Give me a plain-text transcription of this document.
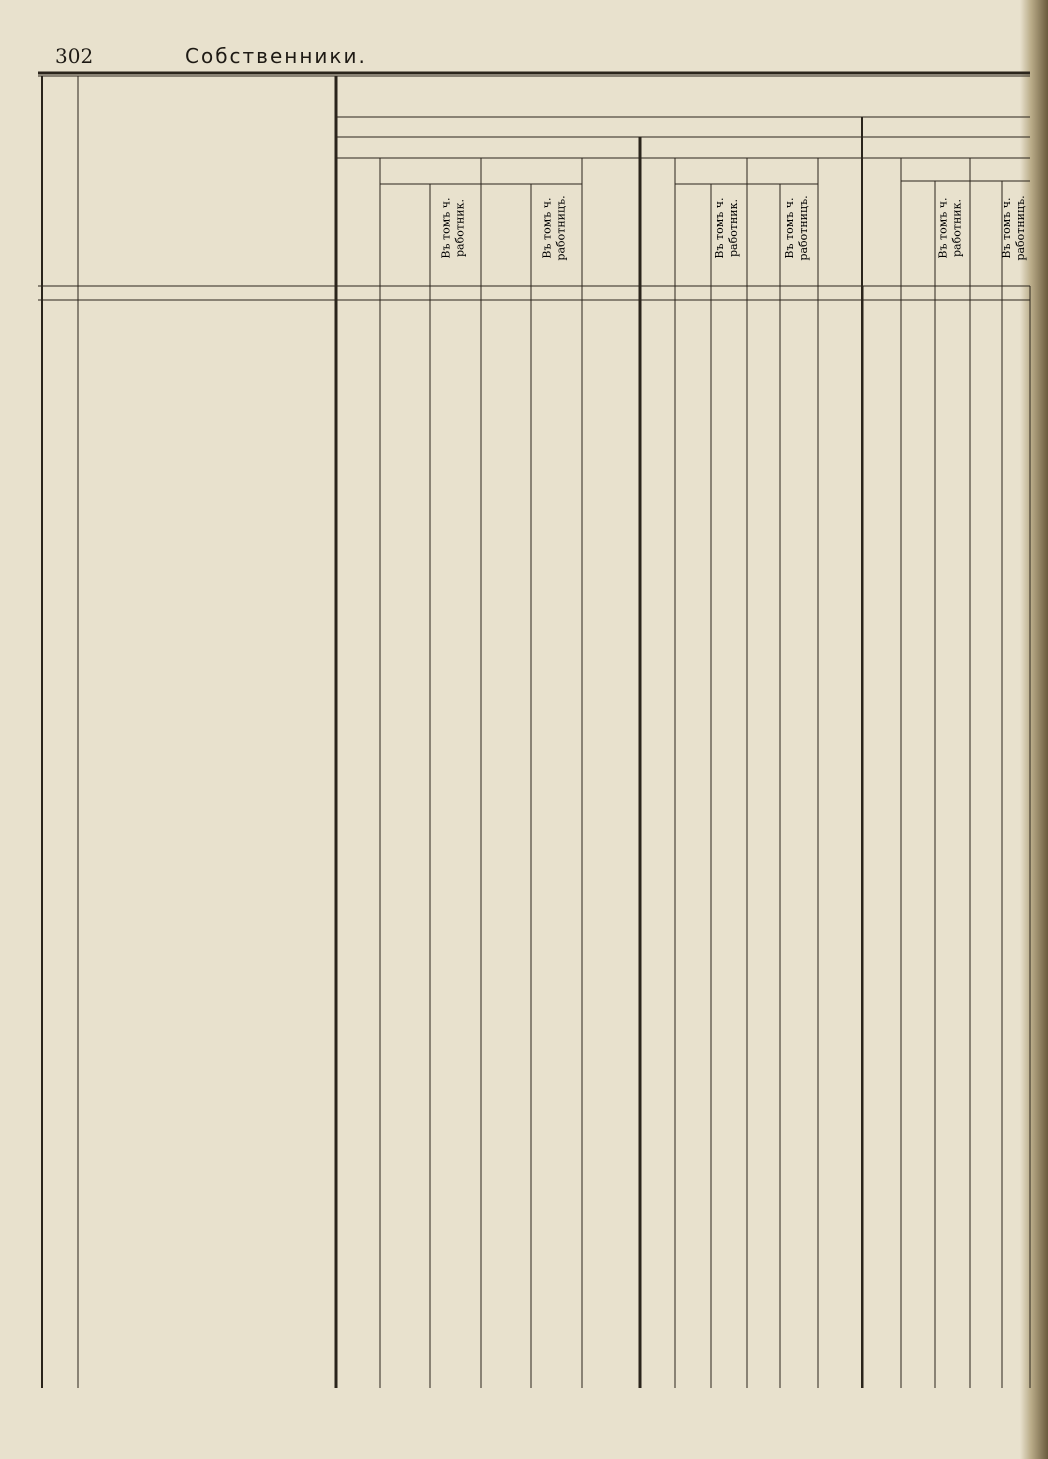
302	Собственники.
Въ томъ ч. работник.	Въ томъ ч. работницъ.	Въ томъ ч. работник.	Въ томъ ч. работницъ.	Въ томъ ч. работник.	Въ томъ ч. работницъ.
